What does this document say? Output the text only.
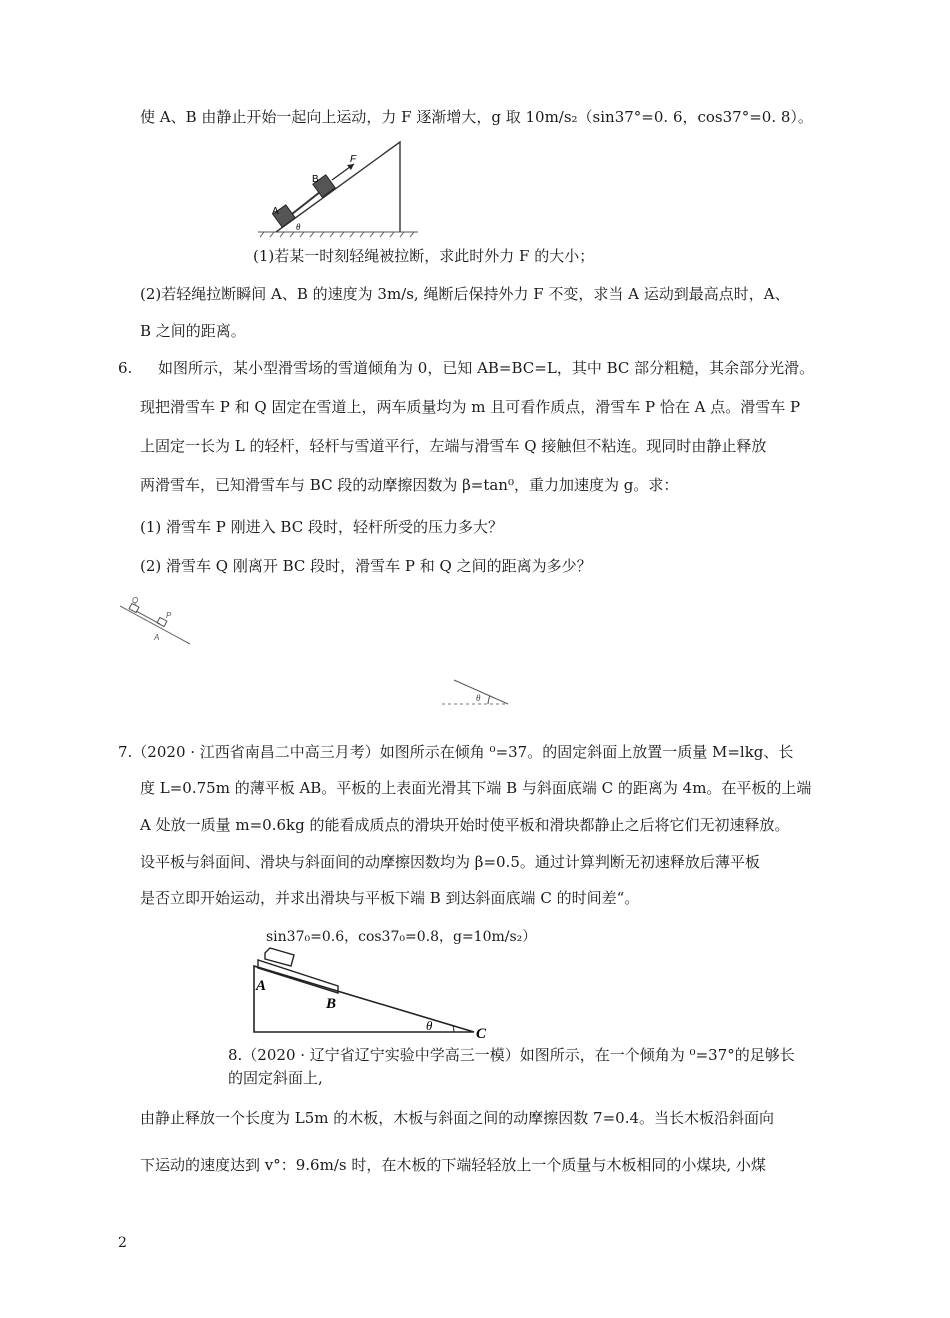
使 A、B 由静止开始一起向上运动，力 F 逐渐增大，g 取 10m/s₂（sin37°=0. 6，cos37°=0. 8）。
A
B
F
θ
(1)若某一时刻轻绳被拉断，求此时外力 F 的大小；
(2)若轻绳拉断瞬间 A、B 的速度为 3m/s, 绳断后保持外力 F 不变，求当 A 运动到最高点时，A、
B 之间的距离。
6. 如图所示，某小型滑雪场的雪道倾角为 0，已知 AB=BC=L，其中 BC 部分粗糙，其余部分光滑。
现把滑雪车 P 和 Q 固定在雪道上，两车质量均为 m 且可看作质点，滑雪车 P 恰在 A 点。滑雪车 P
上固定一长为 L 的轻杆，轻杆与雪道平行，左端与滑雪车 Q 接触但不粘连。现同时由静止释放
两滑雪车，已知滑雪车与 BC 段的动摩擦因数为 β=tan⁰，重力加速度为 g。求：
(1) 滑雪车 P 刚进入 BC 段时，轻杆所受的压力多大？
(2) 滑雪车 Q 刚离开 BC 段时，滑雪车 P 和 Q 之间的距离为多少？
Q
P
A
θ
7.（2020 · 江西省南昌二中高三月考）如图所示在倾角 ⁰=37。的固定斜面上放置一质量 M=lkg、长
度 L=0.75m 的薄平板 AB。平板的上表面光滑其下端 B 与斜面底端 C 的距离为 4m。在平板的上端
A 处放一质量 m=0.6kg 的能看成质点的滑块开始时使平板和滑块都静止之后将它们无初速释放。
设平板与斜面间、滑块与斜面间的动摩擦因数均为 β=0.5。通过计算判断无初速释放后薄平板
是否立即开始运动，并求出滑块与平板下端 B 到达斜面底端 C 的时间差“。
sin37₀=0.6，cos37₀=0.8，g=10m/s₂）
A
B
C
θ
8.（2020 · 辽宁省辽宁实验中学高三一模）如图所示，在一个倾角为 ⁰=37°的足够长
的固定斜面上,
由静止释放一个长度为 L5m 的木板，木板与斜面之间的动摩擦因数 7=0.4。当长木板沿斜面向
下运动的速度达到 v°：9.6m/s 时，在木板的下端轻轻放上一个质量与木板相同的小煤块, 小煤
2
